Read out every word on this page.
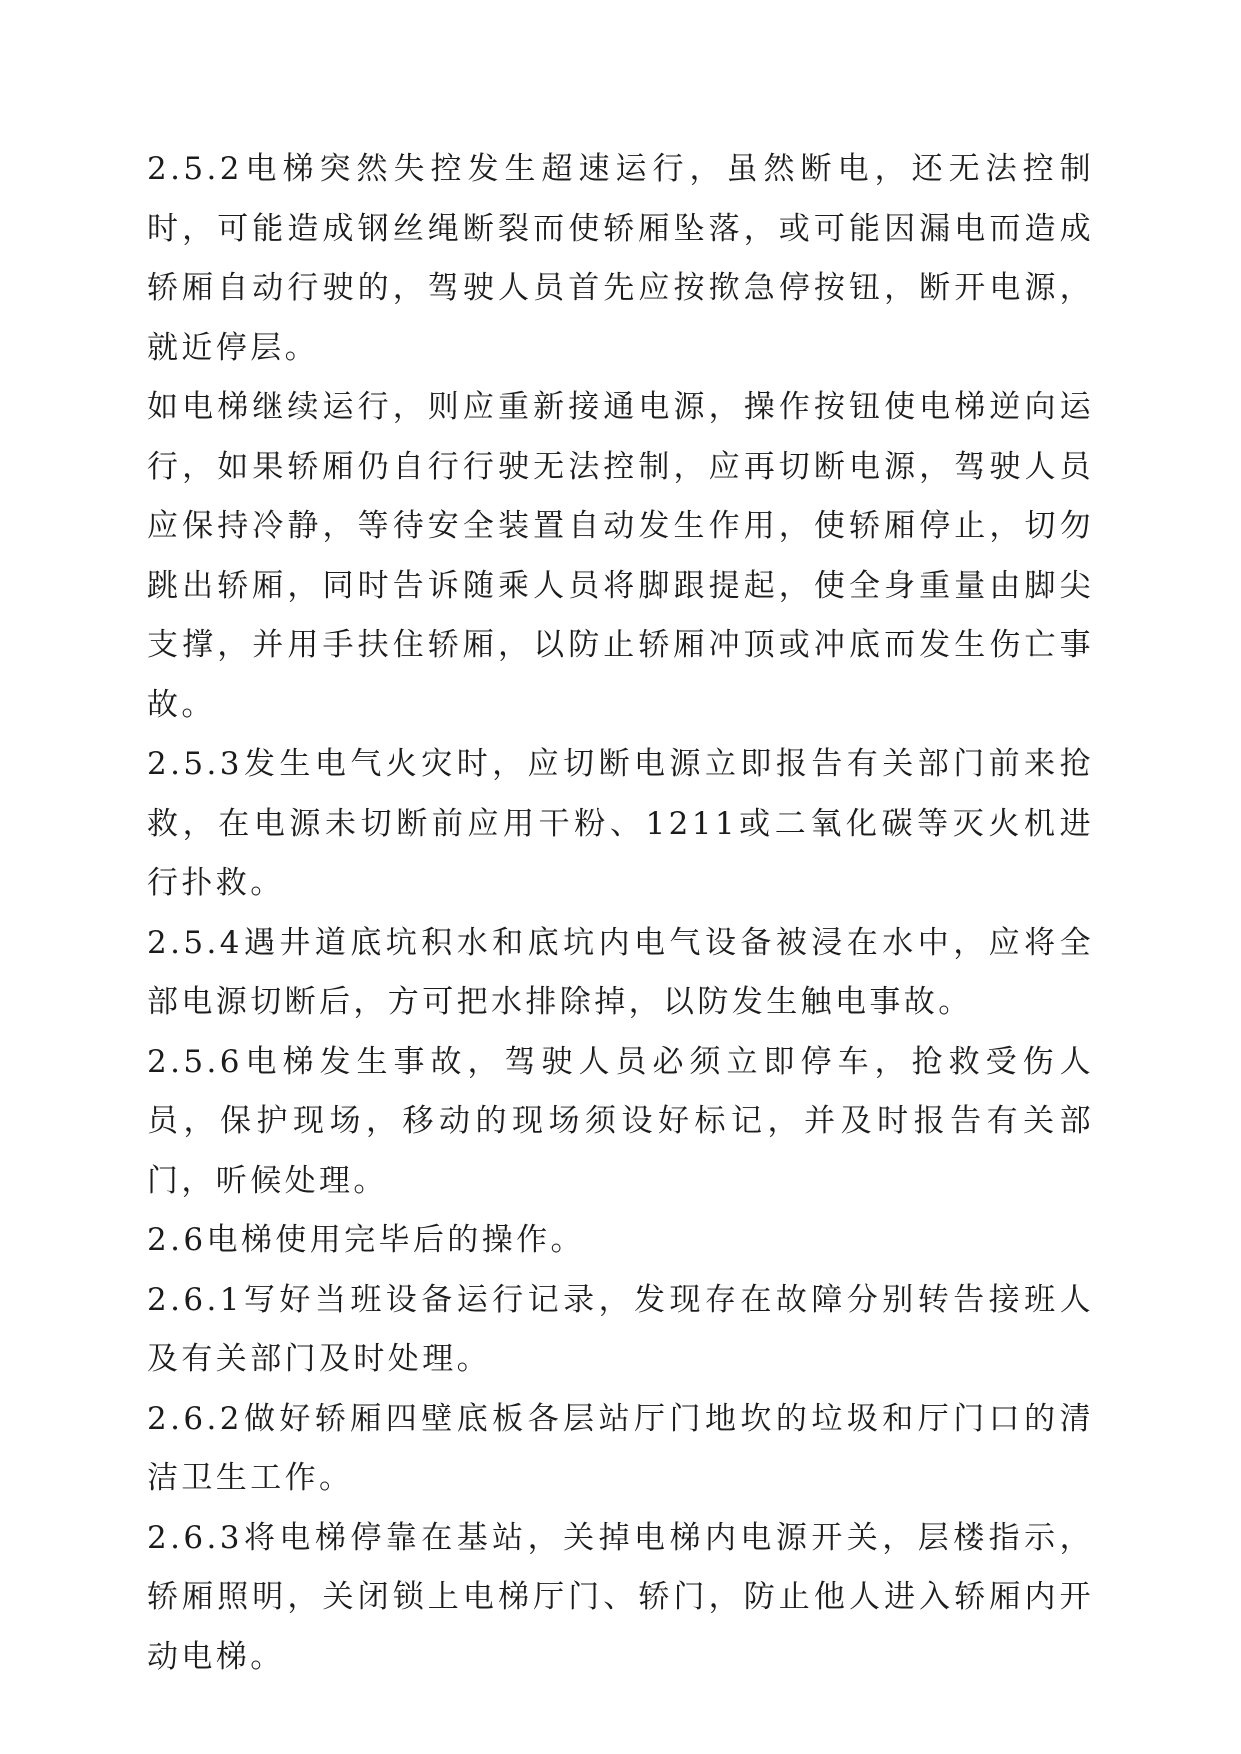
2.5.2电梯突然失控发生超速运行，虽然断电，还无法控制时，可能造成钢丝绳断裂而使轿厢坠落，或可能因漏电而造成轿厢自动行驶的，驾驶人员首先应按揿急停按钮，断开电源，就近停层。

如电梯继续运行，则应重新接通电源，操作按钮使电梯逆向运行，如果轿厢仍自行行驶无法控制，应再切断电源，驾驶人员应保持冷静，等待安全装置自动发生作用，使轿厢停止，切勿跳出轿厢，同时告诉随乘人员将脚跟提起，使全身重量由脚尖支撑，并用手扶住轿厢，以防止轿厢冲顶或冲底而发生伤亡事故。

2.5.3发生电气火灾时，应切断电源立即报告有关部门前来抢救，在电源未切断前应用干粉、1211或二氧化碳等灭火机进行扑救。

2.5.4遇井道底坑积水和底坑内电气设备被浸在水中，应将全部电源切断后，方可把水排除掉，以防发生触电事故。

2.5.6电梯发生事故，驾驶人员必须立即停车，抢救受伤人员，保护现场，移动的现场须设好标记，并及时报告有关部门，听候处理。

2.6电梯使用完毕后的操作。

2.6.1写好当班设备运行记录，发现存在故障分别转告接班人及有关部门及时处理。

2.6.2做好轿厢四壁底板各层站厅门地坎的垃圾和厅门口的清洁卫生工作。

2.6.3将电梯停靠在基站，关掉电梯内电源开关，层楼指示，轿厢照明，关闭锁上电梯厅门、轿门，防止他人进入轿厢内开动电梯。
